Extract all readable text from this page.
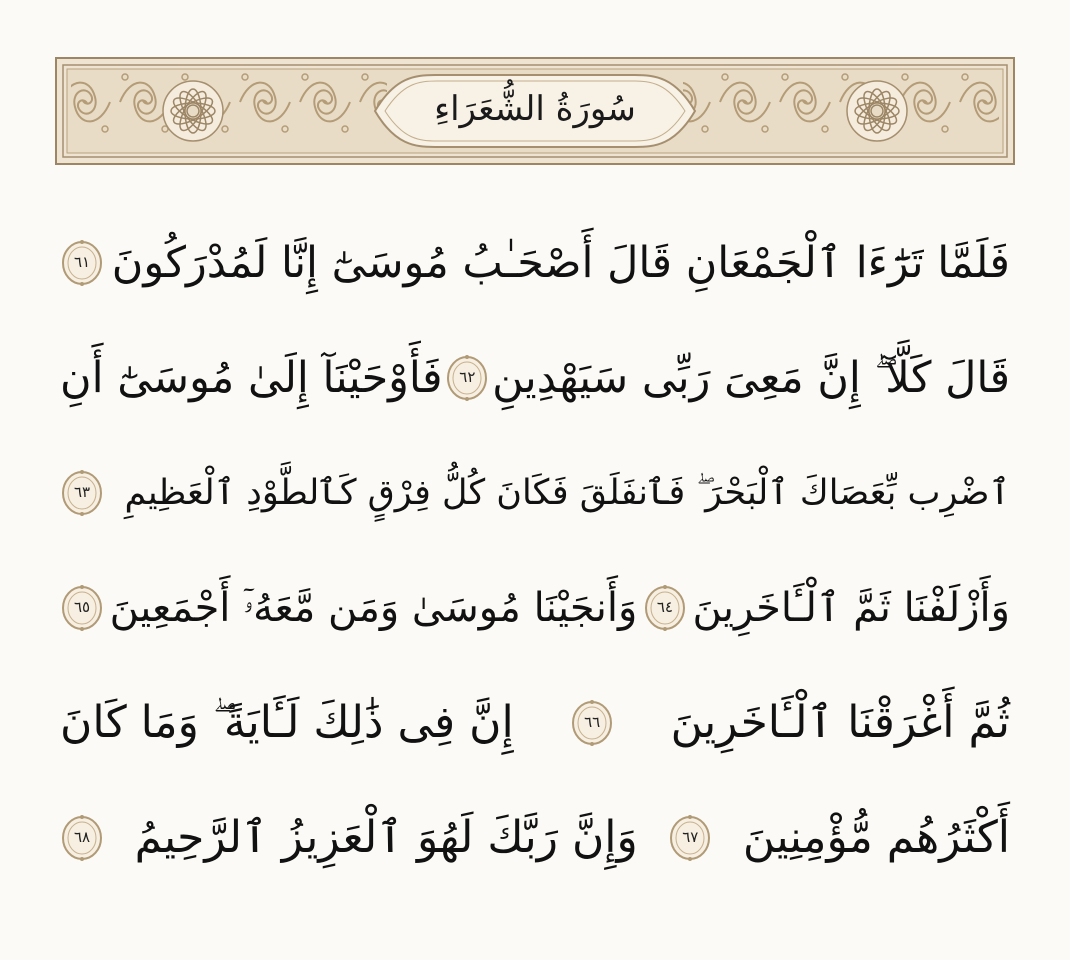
سُورَةُ الشُّعَرَاءِ
فَلَمَّا تَرَٰٓءَا ٱلْجَمْعَانِ قَالَ أَصْحَـٰبُ مُوسَىٰٓ إِنَّا لَمُدْرَكُونَ
٦١
قَالَ كَلَّآ ۖ إِنَّ مَعِىَ رَبِّى سَيَهْدِينِ
٦٢
فَأَوْحَيْنَآ إِلَىٰ مُوسَىٰٓ أَنِ
ٱضْرِب بِّعَصَاكَ ٱلْبَحْرَ ۖ فَٱنفَلَقَ فَكَانَ كُلُّ فِرْقٍ كَٱلطَّوْدِ ٱلْعَظِيمِ
٦٣
وَأَزْلَفْنَا ثَمَّ ٱلْـَٔاخَرِينَ
٦٤
وَأَنجَيْنَا مُوسَىٰ وَمَن مَّعَهُۥٓ أَجْمَعِينَ
٦٥
ثُمَّ أَغْرَقْنَا ٱلْـَٔاخَرِينَ
٦٦
إِنَّ فِى ذَٰلِكَ لَـَٔايَةً ۖ وَمَا كَانَ
أَكْثَرُهُم مُّؤْمِنِينَ
٦٧
وَإِنَّ رَبَّكَ لَهُوَ ٱلْعَزِيزُ ٱلرَّحِيمُ
٦٨
